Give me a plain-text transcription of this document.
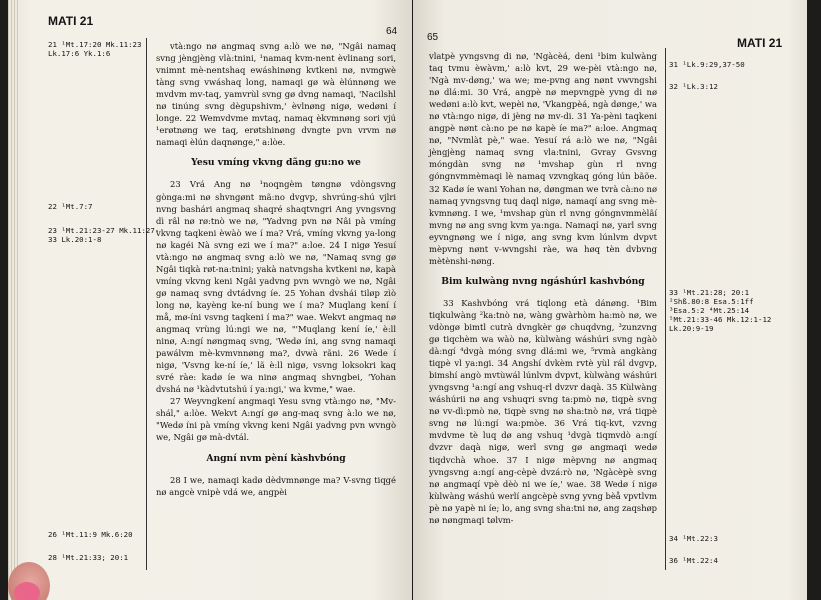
MATI 21
64
21 ¹Mt.17:20 Mk.11:23
Lk.17:6 Yk.1:6
22 ¹Mt.7:7
23 ¹Mt.21:23-27 Mk.11:27-
33 Lk.20:1-8
26 ¹Mt.11:9 Mk.6:20
28 ¹Mt.21:33; 20:1

vtà:ngo nø angmaq svng a:lò we nø, "Ngâi namaq svng jèngjèng vlà:tnini, ¹namaq kvm-nent èvlinang sori, vnimnt mè-nentshaq ewáshinøng kvtkeni nø, nvmgwè tàng svng vwáshaq long, namaqi gø wà èlúnnøng we mvdvm mv-taq, yamvrùl svng gø dvng namaqi, 'Nacilshl nø tinúng svng dègupshivm,' èvlnøng nigø, wedøni í longe. 22 Wemvdvme mvtaq, namaq èkvmnøng sori vjú ¹erøtnøng we taq, erøtshinøng dvngte pvn vrvm nø namaqi èlún daqnønge," a:lòe.

Yesu vmíng vkvng dãng gu:no we

23 Vrá Ang nø ¹noqngèm tøngnø vdòngsvng gònga:mi nø shvngønt mã:no dvgvp, shvrúng-shú vjlri nvng bashári angmaq shaqré shaqtvngri Ang yvngsvng dì râl nø rø:tnò we nø, "Yadvng pvn nø Nâi pà vmíng vkvng taqkeni èwàò we í ma? Vrá, vmíng vkvng ya-long nø kagéi Nà svng ezi we í ma?" a:loe. 24 I nigø Yesuí vtà:ngo nø angmaq svng a:lò we nø, "Namaq svng gø Ngâi tiqkà røt-na:tnini; yakà natvngsha kvtkeni nø, kapà vmíng vkvng keni Ngâi yadvng pvn wvngò we nø, Ngâi gø namaq svng dvtádvng íe. 25 Yohan dvshái tiløp zìò long nø, kayèng ke-ní bung we í ma? Muqlang kení í må, mø-íni vsvng taqkeni í ma?" wae. Wekvt angmaq nø angmaq vrùng lú:ngi we nø, "'Muqlang kení íe,' è:ll ninø, A:ngí nøngmaq svng, 'Wedø íni, ang svng namaqi pawálvm mè-kvmvnnøng ma?, dvwà rãni. 26 Wede í nigø, 'Vsvng ke-ní íe,' lã è:ll nigø, vsvng loksokri kaq svré ràe: kadø íe wa ninø angmaq shvngbei, 'Yohan dvshá nø ¹kàdvtutshú í ya:ngi,' wa kvme," wae.

27 Weyvngkení angmaqi Yesu svng vtà:ngo nø, "Mv-shál," a:lòe. Wekvt A:ngí gø ang-maq svng à:lo we nø, "Wedø íni pà vmíng vkvng keni Ngâi yadvng pvn wvngò we, Ngâi gø mà-dvtál.

Angní nvm pèní kàshvbóng

28 I we, namaqi kadø dèdvmnønge ma? V-svng tiqgé nø angcè vnipè vdá we, angpèi

65	MATI 21

vlatpè yvngsvng di nø, 'Ngàcèá, deni ¹bim kulwàng taq tvmu èwàvm,' a:lò kvt, 29 we-pèi vtà:ngo nø, 'Ngà mv-døng,' wa we; me-pvng ang nønt vwvngshi nø dlá:mi. 30 Vrá, angpè nø mepvngpè yvng di nø wedøni a:lò kvt, wepèi nø, 'Vkangpèá, ngà dønge,' wa nø vtà:ngo nigø, di jèng nø mv-di. 31 Ya-pèni taqkeni angpè nønt cà:no pe nø kapè íe ma?" a:loe. Angmaq nø, "Nvmlàt pè," wae. Yesuí rá a:lò we nø, "Ngâi jèngjèng namaq svng vla:tnini, Gvray Gvsvng móngdàn svng nø ¹mvshap gùn rl nvng góngnvmmèmaqi lè namaq vzvngkaq góng lún bãõe. 32 Kadø íe wani Yohan nø, døngman we tvrà cà:no nø namaq yvngsvng tuq daql nigø, namaqí ang svng mè-kvmnøng. I we, ¹mvshap gùn rl nvng góngnvmmèlãí mvng nø ang svng kvm ya:nga. Namaqí nø, yarl svng eyvngnøng we í nigø, ang svng kvm lúnlvm dvpvt mèpvng nønt v-wvngshi ràe, wa høq tèn dvbvng mètènshi-nøng.

Bim kulwàng nvng ngáshúrl kashvbóng

33 Kashvbóng vrá tiqlong età dánøng. ¹Bim tiqkulwàng ²ka:tnò nø, wàng gwàrhòm ha:mò nø, we vdòngø bimtl cutrà dvngkèr gø chuqdvng, ³zunzvng gø tiqchèm wa wàò nø, kùlwàng wáshúri svng ngàò dà:ngí ⁴dvgà móng svng dlá:mi we, ⁵rvmà angkàng tiqpè vl ya:ngi. 34 Angshí dvkèm rvtè yùl rál dvgvp, bimshí angò mvtùwál lúnlvm dvpvt, kùlwàng wáshúri yvngsvng ¹a:ngí ang vshuq-rl dvzvr daqà. 35 Kùlwàng wáshúrii nø ang vshuqri svng ta:pmò nø, tiqpè svng nø vv-dì:pmò nø, tiqpè svng nø sha:tnò nø, vrá tiqpè svng nø lú:ngí wa:pmòe. 36 Vrá tiq-kvt, vzvng mvdvme tè luq dø ang vshuq ¹dvgà tiqmvdò a:ngí dvzvr daqà nigø, werl svng gø angmaqi wedø tiqdvchà whoe. 37 I nigø mèpvng nø angmaq yvngsvng a:ngí ang-cèpè dvzá:rò nø, 'Ngàcèpè svng nø angmaqí vpè dèò ni we íe,' wae. 38 Wedø í nigø kùlwàng wáshú werlí angcèpè svng yvng bèå vpvtlvm pè nø yapè ni íe; lo, ang svng sha:tni nø, ang zaqshøp nø nøngmaqi tølvm-

31 ¹Lk.9:29,37-50
32 ¹Lk.3:12
33 ¹Mt.21:28; 20:1
²Shß.80:8 Esa.5:1ff
³Esa.5:2 ⁴Mt.25:14
⁵Mt.21:33-46 Mk.12:1-12
Lk.20:9-19
34 ¹Mt.22:3
36 ¹Mt.22:4
